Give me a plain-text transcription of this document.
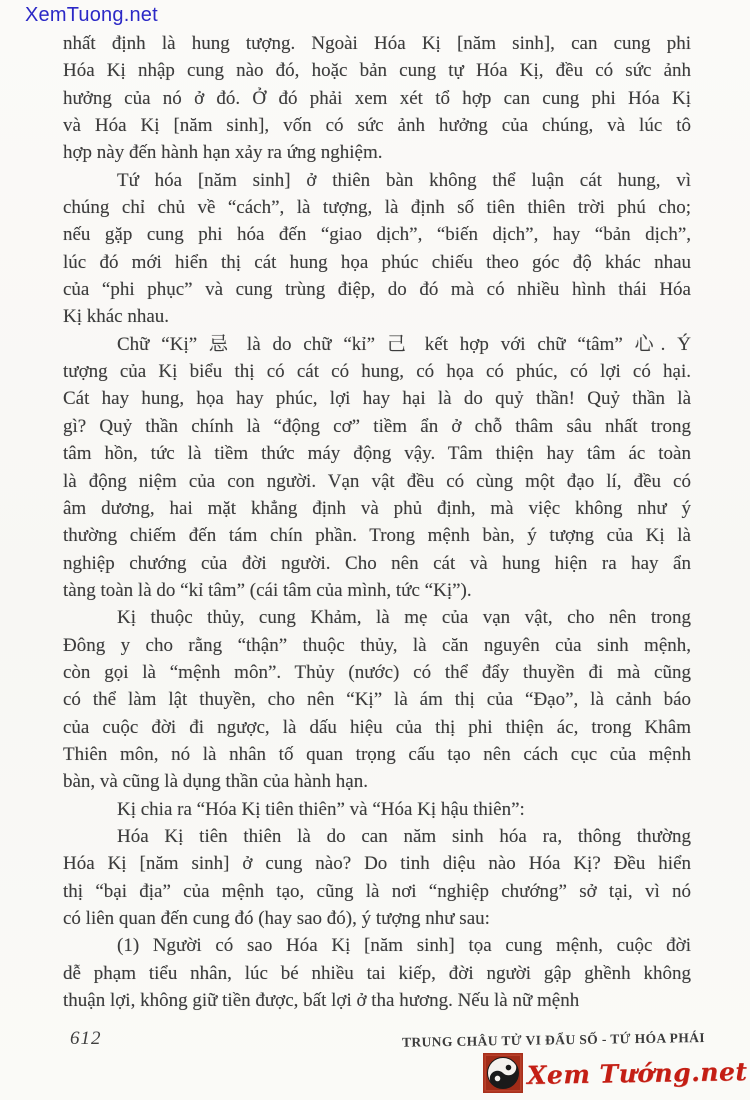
XemTuong.net
nhất định là hung tượng. Ngoài Hóa Kị [năm sinh], can cung phi
Hóa Kị nhập cung nào đó, hoặc bản cung tự Hóa Kị, đều có sức ảnh
hưởng của nó ở đó. Ở đó phải xem xét tổ hợp can cung phi Hóa Kị
và Hóa Kị [năm sinh], vốn có sức ảnh hưởng của chúng, và lúc tô
hợp này đến hành hạn xảy ra ứng nghiệm.
Tứ hóa [năm sinh] ở thiên bàn không thể luận cát hung, vì
chúng chỉ chủ về “cách”, là tượng, là định số tiên thiên trời phú cho;
nếu gặp cung phi hóa đến “giao dịch”, “biến dịch”, hay “bản dịch”,
lúc đó mới hiển thị cát hung họa phúc chiếu theo góc độ khác nhau
của “phi phục” và cung trùng điệp, do đó mà có nhiều hình thái Hóa
Kị khác nhau.
Chữ “Kị” 忌 là do chữ “kỉ” 己 kết hợp với chữ “tâm” 心. Ý
tượng của Kị biểu thị có cát có hung, có họa có phúc, có lợi có hại.
Cát hay hung, họa hay phúc, lợi hay hại là do quỷ thần! Quỷ thần là
gì? Quỷ thần chính là “động cơ” tiềm ẩn ở chỗ thâm sâu nhất trong
tâm hồn, tức là tiềm thức máy động vậy. Tâm thiện hay tâm ác toàn
là động niệm của con người. Vạn vật đều có cùng một đạo lí, đều có
âm dương, hai mặt khẳng định và phủ định, mà việc không như ý
thường chiếm đến tám chín phần. Trong mệnh bàn, ý tượng của Kị là
nghiệp chướng của đời người. Cho nên cát và hung hiện ra hay ẩn
tàng toàn là do “kỉ tâm” (cái tâm của mình, tức “Kị”).
Kị thuộc thủy, cung Khảm, là mẹ của vạn vật, cho nên trong
Đông y cho rằng “thận” thuộc thủy, là căn nguyên của sinh mệnh,
còn gọi là “mệnh môn”. Thủy (nước) có thể đẩy thuyền đi mà cũng
có thể làm lật thuyền, cho nên “Kị” là ám thị của “Đạo”, là cảnh báo
của cuộc đời đi ngược, là dấu hiệu của thị phi thiện ác, trong Khâm
Thiên môn, nó là nhân tố quan trọng cấu tạo nên cách cục của mệnh
bàn, và cũng là dụng thần của hành hạn.
Kị chia ra “Hóa Kị tiên thiên” và “Hóa Kị hậu thiên”:
Hóa Kị tiên thiên là do can năm sinh hóa ra, thông thường
Hóa Kị [năm sinh] ở cung nào? Do tinh diệu nào Hóa Kị? Đều hiển
thị “bại địa” của mệnh tạo, cũng là nơi “nghiệp chướng” sở tại, vì nó
có liên quan đến cung đó (hay sao đó), ý tượng như sau:
(1) Người có sao Hóa Kị [năm sinh] tọa cung mệnh, cuộc đời
dễ phạm tiểu nhân, lúc bé nhiều tai kiếp, đời người gập ghềnh không
thuận lợi, không giữ tiền được, bất lợi ở tha hương. Nếu là nữ mệnh
612	TRUNG CHÂU TỬ VI ĐẨU SỐ - TỨ HÓA PHÁI
Xem Tướng.net
